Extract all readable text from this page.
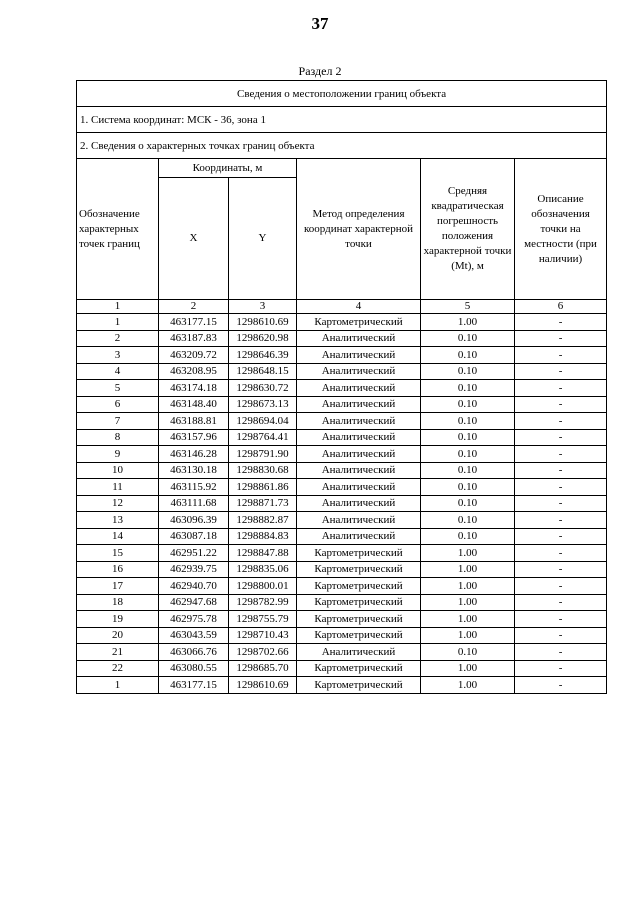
37
Раздел 2
Сведения о местоположении границ объекта					
1. Система координат: МСК - 36, зона 1					
2. Сведения о характерных точках границ объекта					
Обозначение характерных точек границ	Координаты, м		Метод определения координат характерной точки	Средняя квадратическая погрешность положения характерной точки (Mt), м	Описание обозначения точки на местности (при наличии)
	X	Y			
1	2	3	4	5	6
1	463177.15	1298610.69	Картометрический	1.00	-
2	463187.83	1298620.98	Аналитический	0.10	-
3	463209.72	1298646.39	Аналитический	0.10	-
4	463208.95	1298648.15	Аналитический	0.10	-
5	463174.18	1298630.72	Аналитический	0.10	-
6	463148.40	1298673.13	Аналитический	0.10	-
7	463188.81	1298694.04	Аналитический	0.10	-
8	463157.96	1298764.41	Аналитический	0.10	-
9	463146.28	1298791.90	Аналитический	0.10	-
10	463130.18	1298830.68	Аналитический	0.10	-
11	463115.92	1298861.86	Аналитический	0.10	-
12	463111.68	1298871.73	Аналитический	0.10	-
13	463096.39	1298882.87	Аналитический	0.10	-
14	463087.18	1298884.83	Аналитический	0.10	-
15	462951.22	1298847.88	Картометрический	1.00	-
16	462939.75	1298835.06	Картометрический	1.00	-
17	462940.70	1298800.01	Картометрический	1.00	-
18	462947.68	1298782.99	Картометрический	1.00	-
19	462975.78	1298755.79	Картометрический	1.00	-
20	463043.59	1298710.43	Картометрический	1.00	-
21	463066.76	1298702.66	Аналитический	0.10	-
22	463080.55	1298685.70	Картометрический	1.00	-
1	463177.15	1298610.69	Картометрический	1.00	-
